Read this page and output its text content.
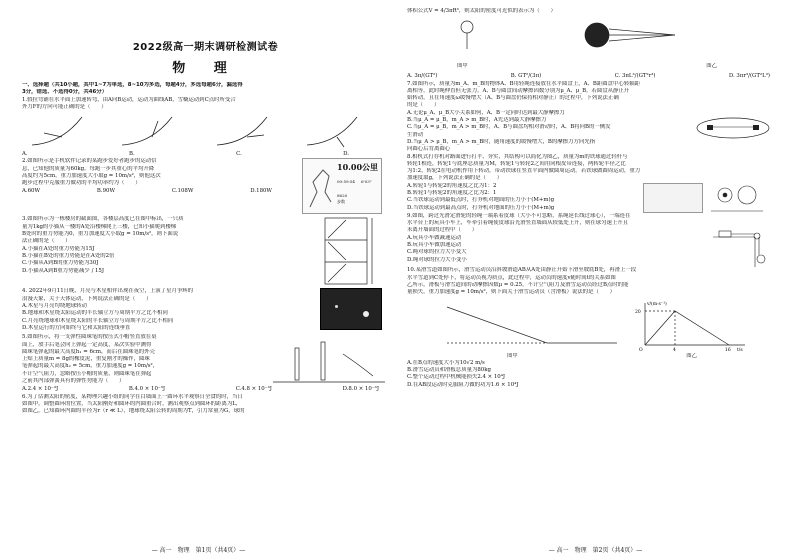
2022级高一期末调研检测试卷
物 理
一、选择题（共10小题，其中1~7为单选，8~10为多选，每题4分，多选每题6分，漏选得
3分，错选、不选得0分，共46分）
1.假拉弯铺在水平面上加速转弯，由A向B运动，运动为曲线AB，雪橇运动到C点时所受合
外力F的方向可能正确的是（　　）
A.	B.	C.	D.
2.如图所示是手机软件记录的某跑步爱好者跑步的运动信
息，已知他的质量为60kg。每跑一步其重心的平均升降
高度约为5cm，重力加速度大小取g = 10m/s²，则他这次
跑步过程中克服重力做功的平均功率约为（　　）
A.60W	B.90W	C.108W	D.180W
10.00公里
00:59:54 6'03"
8620
步数
3.如图所示为一栋楼房的截面图，各楼层高度已在图中标出，一只质
量为1kg的小猫从一楼的A处沿楼梯爬上三楼，已知小猫爬到楼梯
B处时的重力势能为0，重力加速度大小取g = 10m/s²，则下面说
法正确的是（　　）
A.小猫在A处的重力势能为15J
B.小猫在B处的重力势能是在A处的2倍
C.小猫从A到B的重力势能为30J
D.小猫从A到B重力势能减少了15J
4. 2022年9月11日晚，月亮与木星相伴出现在夜空，上演了星月争辉的
浪漫天象，关于天体运动，下列说法正确的是（　　）
A.木星与月亮均绕地球转动
B.地球和木星绕太阳运动的半长轴立方与周期平方之比不相同
C.月亮绕地球和木星绕太阳的半长轴立方与周期平方之比不相同
D.木星运行的方向始终与它和太阳的连线垂直
5.如图所示，将一支弹性圆珠笔的按压式小帽竖直放在桌
面上，放手后笔会向上弹起一定高度，某次实验中测得
圆珠笔弹起的最大高度h₁ = 6cm，而后在圆珠笔的外壳
上贴上质量m = 8g的橡皮泥，重复刚才的操作，圆珠
笔弹起的最大高度h₂ = 5cm，重力加速度g = 10m/s²，
不计空气阻力，忽略按压小帽的质量，则圆珠笔在弹起
之前其内部弹簧具有的弹性势能为（　　）
A.2.4 × 10⁻³J	B.4.0 × 10⁻³J	C.4.8 × 10⁻³J	D.8.0 × 10⁻³J
6.为了估测太阳的密度，某物理兴趣小组的同学在白墙面上一圆环水平观察日全食的时，当日
如图甲，调整圆环的位置，当太阳刚好和圆环的内圆重合时，测出观察点到圆环的距离为L，
如图乙，已知圆环内圆的半径为r（r ≪ L），地球绕太阳公转的周期为T，引力常量为G，球的
— 高一　物理　第1页（共4页）—
体积公式V = 4/3πR³，则太阳的密度可近似的表示为（　　）
图甲	图乙
A. 3π/(GT²)	B. GT²/(3π)	C. 3πL³/(GT²r³)	D. 3πr³/(GT²L³)
7.如图所示，质量为m_A、m_B的物体A、B用轻绳连接放在水平圆盘上，A、B距圆盘中心转轴距
离相等，此时绳伸直但无张力。A、B与圆盘间动摩擦因数分别为μ_A、μ_B。若圆盘从静止开
始转动，且在角速度ω缓慢增大（A、B与圆盘仍保持相对静止）的过程中，下列说法正确
的是（　　）
A.无论μ_A、μ_B大小关系如何，A、B一定同时达到最大静摩擦力
B.当μ_A = μ_B，m_A > m_B时，A先达到最大静摩擦力
C.当μ_A = μ_B，m_A > m_B时，A、B与圆盘均相对滑动时，A、B将向B的一侧发
生滑动
D.当μ_A > μ_B，m_A > m_B时，随角速度的缓慢增大，B的摩擦力方向先指
向圆心后背离圆心
8.相机式打存机对路面进行打平、夯实，其结构可以简化为图乙，质量为m的铁球通过轻杆与
转轮1相连，转轮1与底座总质量为M，转轮1与转轮2之间用同根皮带连接，两转轮半径之比
为1:2，转轮2在电动机作用下转动，带动铁球在竖直平面内做圆周运动。若铁球做圆周运动，重力
加速度取g，下列说法正确的是（　　）
A.转轮1与转轮2的角速度之比为1：2
B.转轮1与转轮2的角速度之比为2：1
C.当铁球运动到最低点时，打夯机对地面的压力小于(M+m)g
D.当铁球运动到最高点时，打夯机对地面的压力小于(M+m)g
9.如图，跨过光滑定滑轮的轻绳一端系着皮球（大小不可忽略，系绳延长线过球心），一端连在
水平台上的玩具小车上，车牵引着绳使皮球沿光滑竖直墙面从较低处上升，则在球匀速上升且
未离开墙面的过程中（　　）
A.玩具小车做减速运动
B.玩具小车做加速运动
C.绳对球的拉力大小变大
D.绳对球的拉力大小变小
10.某滑雪道如图所示，滑雪运动员沿斜坡滑道AB从A处由静止开始下滑至坡底B处，再滑上一段
水平雪道到C处停下，将运动员视为质点，此过程中，运动员的速度v随时间t的关系如图
乙所示，滑板与滑雪道间的动摩擦因数μ = 0.25，不计空气阻力及滑雪运动员经过B点时的能
量损失，重力加速度g = 10m/s²，则下面关于滑雪运动员（含滑板）说法的是（　　）
v/(m·s⁻¹)
t/s
4	16
20
O
图甲	图乙
A.在B点的速度大小为10√2 m/s
B.滑雪运动员和滑板总质量为80kg
C.整个运动过程中机械能损失2.4 × 10⁴J
D.在AB段运动时克服阻力做的功为1.6 × 10⁴J
— 高一　物理　第2页（共4页）—
